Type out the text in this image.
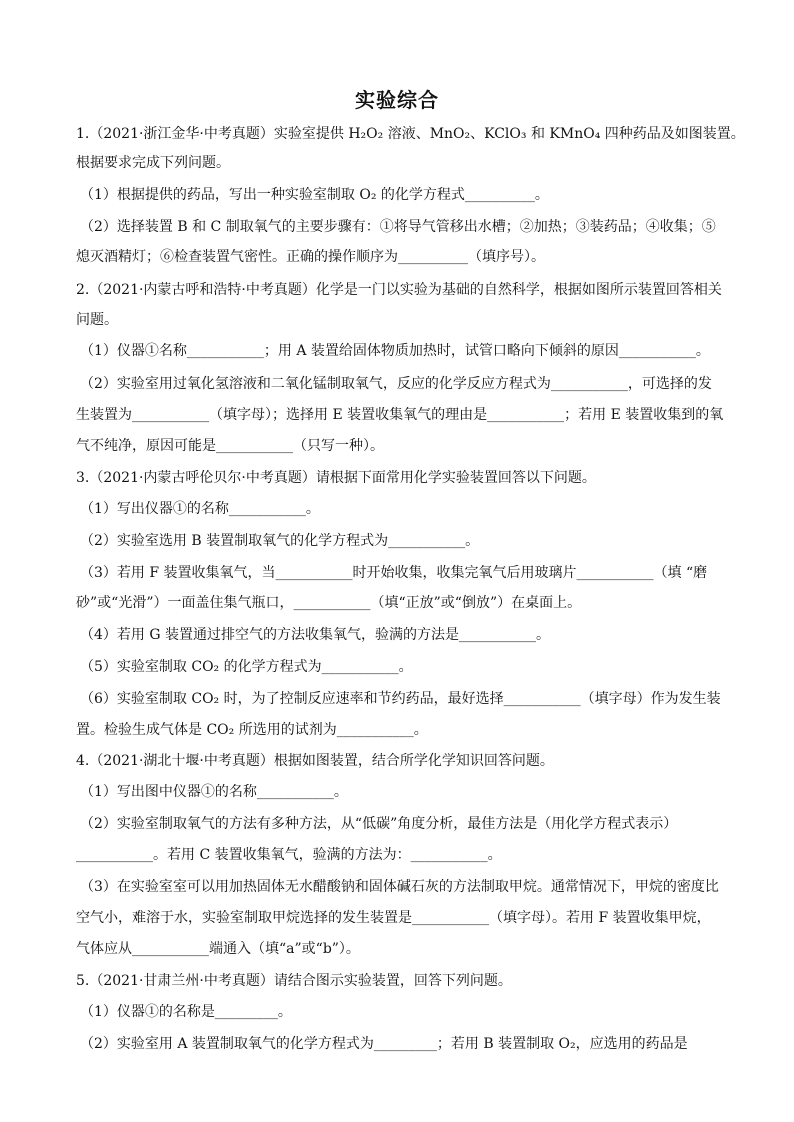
实验综合
1.（2021·浙江金华·中考真题）实验室提供 H₂O₂ 溶液、MnO₂、KClO₃ 和 KMnO₄ 四种药品及如图装置。
根据要求完成下列问题。
（1）根据提供的药品，写出一种实验室制取 O₂ 的化学方程式__________。
（2）选择装置 B 和 C 制取氧气的主要步骤有：①将导气管移出水槽；②加热；③装药品；④收集；⑤
熄灭酒精灯；⑥检查装置气密性。正确的操作顺序为__________（填序号）。
2.（2021·内蒙古呼和浩特·中考真题）化学是一门以实验为基础的自然科学，根据如图所示装置回答相关
问题。
（1）仪器①名称___________；用 A 装置给固体物质加热时，试管口略向下倾斜的原因___________。
（2）实验室用过氧化氢溶液和二氧化锰制取氧气，反应的化学反应方程式为___________，可选择的发
生装置为___________（填字母）；选择用 E 装置收集氧气的理由是___________；若用 E 装置收集到的氧
气不纯净，原因可能是___________（只写一种）。
3.（2021·内蒙古呼伦贝尔·中考真题）请根据下面常用化学实验装置回答以下问题。
（1）写出仪器①的名称___________。
（2）实验室选用 B 装置制取氧气的化学方程式为___________。
（3）若用 F 装置收集氧气，当___________时开始收集，收集完氧气后用玻璃片___________（填 “磨
砂”或“光滑”）一面盖住集气瓶口，___________（填“正放”或“倒放”）在桌面上。
（4）若用 G 装置通过排空气的方法收集氧气，验满的方法是___________。
（5）实验室制取 CO₂ 的化学方程式为___________。
（6）实验室制取 CO₂ 时，为了控制反应速率和节约药品，最好选择___________（填字母）作为发生装
置。检验生成气体是 CO₂ 所选用的试剂为___________。
4.（2021·湖北十堰·中考真题）根据如图装置，结合所学化学知识回答问题。
（1）写出图中仪器①的名称___________。
（2）实验室制取氧气的方法有多种方法，从“低碳”角度分析，最佳方法是（用化学方程式表示）
___________。若用 C 装置收集氧气，验满的方法为：___________。
（3）在实验室室可以用加热固体无水醋酸钠和固体碱石灰的方法制取甲烷。通常情况下，甲烷的密度比
空气小，难溶于水，实验室制取甲烷选择的发生装置是___________（填字母）。若用 F 装置收集甲烷，
气体应从___________端通入（填“a”或“b”）。
5.（2021·甘肃兰州·中考真题）请结合图示实验装置，回答下列问题。
（1）仪器①的名称是_________。
（2）实验室用 A 装置制取氧气的化学方程式为_________；若用 B 装置制取 O₂，应选用的药品是
